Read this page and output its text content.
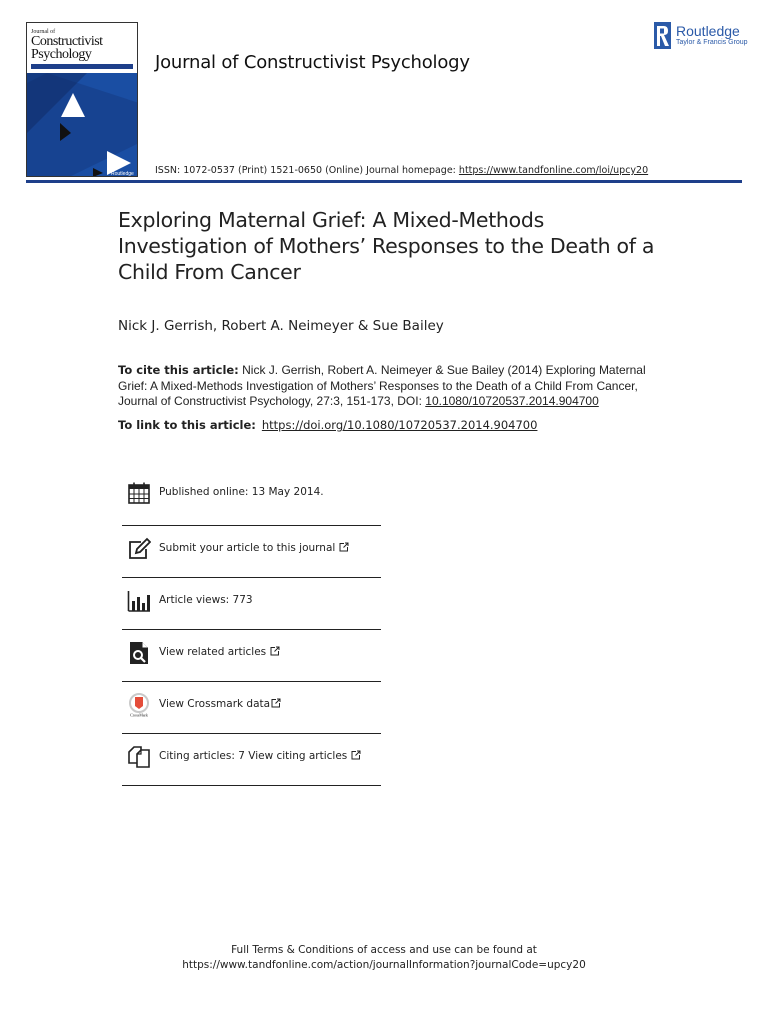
Journal of
Constructivist
Psychology
Routledge
Journal of Constructivist Psychology
Routledge
Taylor & Francis Group
ISSN: 1072-0537 (Print) 1521-0650 (Online) Journal homepage: https://www.tandfonline.com/loi/upcy20
Exploring Maternal Grief: A Mixed-Methods Investigation of Mothers’ Responses to the Death of a Child From Cancer
Nick J. Gerrish, Robert A. Neimeyer & Sue Bailey
To cite this article: Nick J. Gerrish, Robert A. Neimeyer & Sue Bailey (2014) Exploring Maternal Grief: A Mixed-Methods Investigation of Mothers’ Responses to the Death of a Child From Cancer, Journal of Constructivist Psychology, 27:3, 151-173, DOI: 10.1080/10720537.2014.904700
To link to this article: https://doi.org/10.1080/10720537.2014.904700
Published online: 13 May 2014.
Submit your article to this journal
Article views: 773
View related articles
CrossMark
View Crossmark data
Citing articles: 7 View citing articles
Full Terms & Conditions of access and use can be found at
https://www.tandfonline.com/action/journalInformation?journalCode=upcy20
